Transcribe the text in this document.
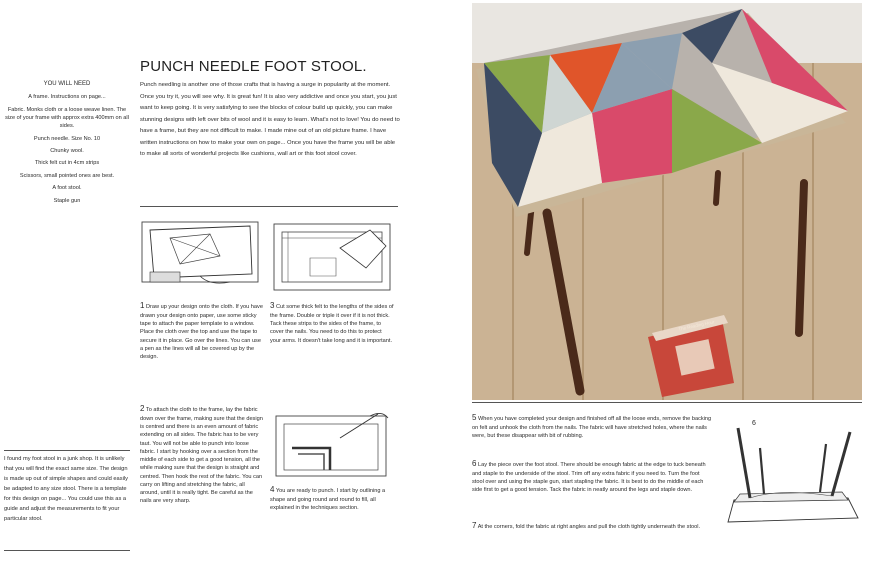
PUNCH NEEDLE FOOT STOOL.
Punch needling is another one of those crafts that is having a surge in popularity at the moment. Once you try it, you will see why. It is great fun! It is also very addictive and once you start, you just want to keep going. It is very satisfying to see the blocks of colour build up quickly, you can make stunning designs with left over bits of wool and it is easy to learn. What's not to love! You do need to have a frame, but they are not difficult to make. I made mine out of an old picture frame. I have written instructions on how to make your own on page... Once you have the frame you will be able to make all sorts of wonderful projects like cushions, wall art or this foot stool cover.
YOU WILL NEED
A frame. Instructions on page...
Fabric. Monks cloth or a loose weave linen. The size of your frame with approx extra 400mm on all sides.
Punch needle. Size No. 10
Chunky wool.
Thick felt cut in 4cm strips
Scissors, small pointed ones are best.
A foot stool.
Staple gun
1 Draw up your design onto the cloth. If you have drawn your design onto paper, use some sticky tape to attach the paper template to a window. Place the cloth over the top and use the tape to secure it in place. Go over the lines. You can use a pen as the lines will all be covered up by the design.
3 Cut some thick felt to the lengths of the sides of the frame. Double or triple it over if it is not thick. Tack these strips to the sides of the frame, to cover the nails. You need to do this to protect your arms. It doesn't take long and it is important.
2 To attach the cloth to the frame, lay the fabric down over the frame, making sure that the design is centred and there is an even amount of fabric extending on all sides. The fabric has to be very taut. You will not be able to punch into loose fabric. I start by hooking over a section from the middle of each side to get a good tension, all the while making sure that the design is straight and centred. Then hook the rest of the fabric. You can carry on lifting and stretching the fabric, all around, until it is really tight. Be careful as the nails are very sharp.
4 You are ready to punch. I start by outlining a shape and going round and round to fill, all explained in the techniques section.
I found my foot stool in a junk shop. It is unlikely that you will find the exact same size. The design is made up out of simple shapes and could easily be adapted to any size stool. There is a template for this design on page... You could use this as a guide and adjust the measurements to fit your particular stool.
The Reading Hour
5 When you have completed your design and finished off all the loose ends, remove the backing on felt and unhook the cloth from the nails. The fabric will have stretched holes, where the nails were, but these disappear with bit of rubbing.
6 Lay the piece over the foot stool. There should be enough fabric at the edge to tuck beneath and staple to the underside of the stool. Trim off any extra fabric if you need to. Turn the foot stool over and using the staple gun, start stapling the fabric. It is best to do the middle of each side first to get a good tension. Tack the fabric in neatly around the legs and staple down.
7 At the corners, fold the fabric at right angles and pull the cloth tightly underneath the stool.
6
